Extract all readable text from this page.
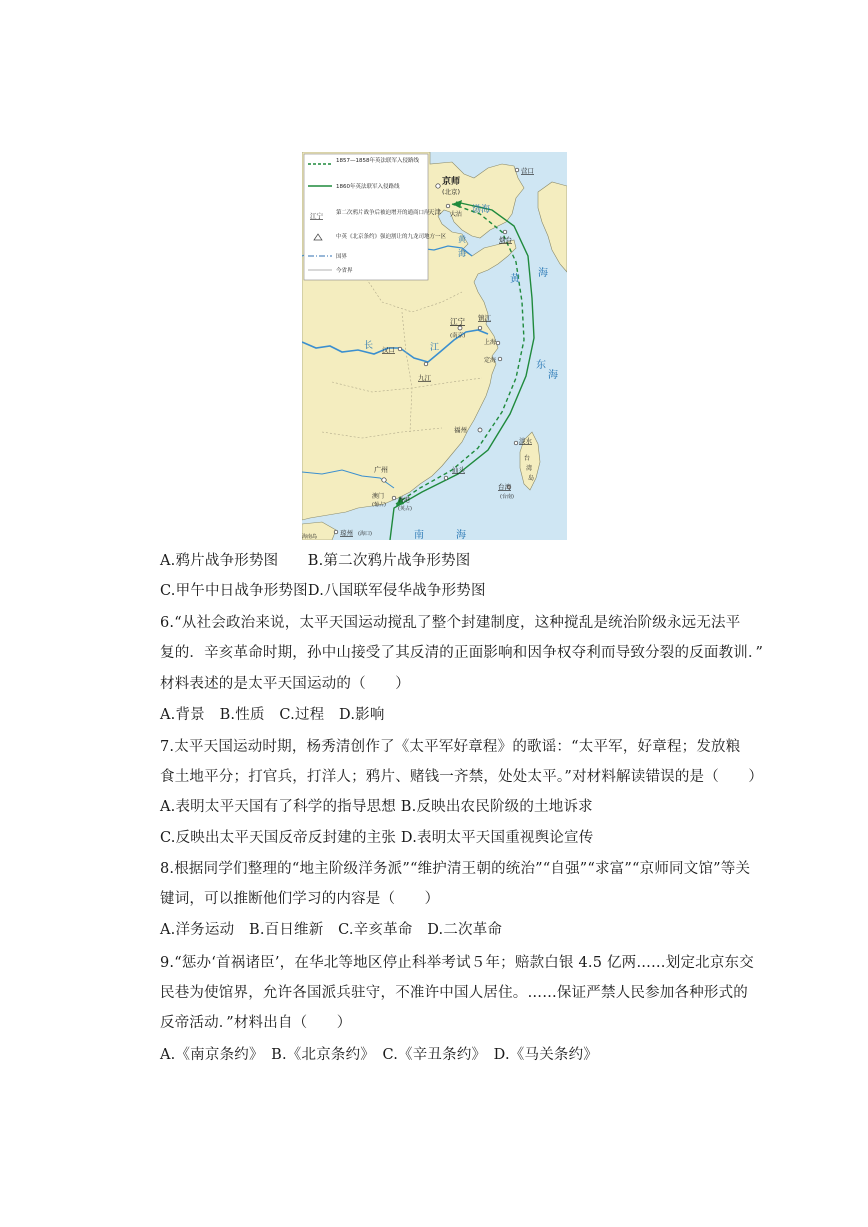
1857—1858年英法联军入侵路线
1860年英法联军入侵路线
江宁 第二次鸦片战争后被迫增开的通商口岸
中英《北京条约》强迫割让的九龙司地方一区
国界
今省界
京师
(北京)
天津 大沽
营口
烟台
江宁
(南京)
镇江
上海
定海
汉口
九江
福州
淡水
台
湾
岛
台湾
(台南)
汕头
广州
澳门
(葡占)
香港
(英占)
琼州 (海口)
海南岛
渤海
黄
海
黄
海
东
海
长	江
南	海
A.鸦片战争形势图　　B.第二次鸦片战争形势图
C.甲午中日战争形势图D.八国联军侵华战争形势图
6.“从社会政治来说，太平天国运动搅乱了整个封建制度，这种搅乱是统治阶级永远无法平
复的．辛亥革命时期，孙中山接受了其反清的正面影响和因争权夺利而导致分裂的反面教训．”
材料表述的是太平天国运动的（　　）
A.背景　B.性质　C.过程　D.影响
7.太平天国运动时期，杨秀清创作了《太平军好章程》的歌谣：“太平军，好章程；发放粮
食土地平分；打官兵，打洋人；鸦片、赌钱一齐禁，处处太平。”对材料解读错误的是（　　）
A.表明太平天国有了科学的指导思想 B.反映出农民阶级的土地诉求
C.反映出太平天国反帝反封建的主张 D.表明太平天国重视舆论宣传
8.根据同学们整理的“地主阶级洋务派”“维护清王朝的统治”“自强”“求富”“京师同文馆”等关
键词，可以推断他们学习的内容是（　　）
A.洋务运动　B.百日维新　C.辛亥革命　D.二次革命
9.“惩办‘首祸诸臣’，在华北等地区停止科举考试５年；赔款白银 4.5 亿两……划定北京东交
民巷为使馆界，允许各国派兵驻守，不准许中国人居住。……保证严禁人民参加各种形式的
反帝活动．”材料出自（　　）
A.《南京条约》　B.《北京条约》　C.《辛丑条约》　D.《马关条约》
